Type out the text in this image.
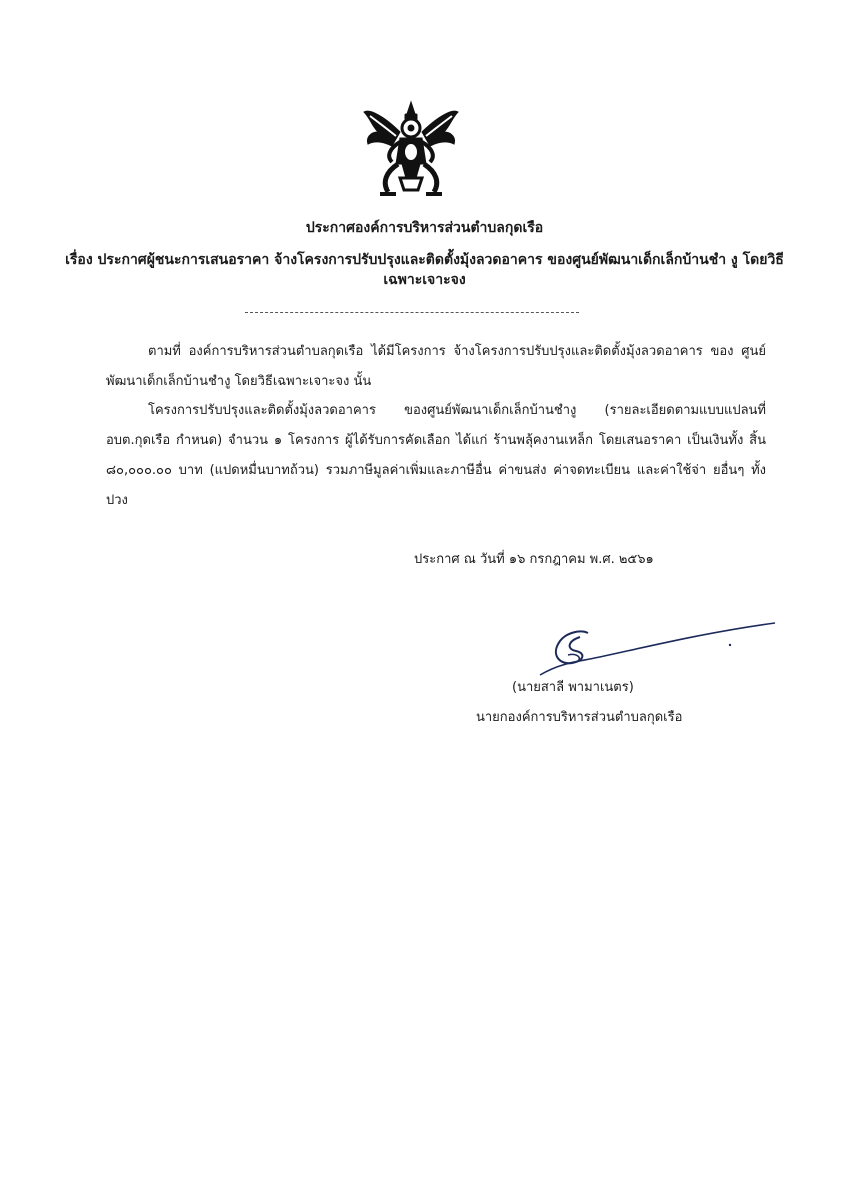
ประกาศองค์การบริหารส่วนตำบลกุดเรือ
เรื่อง ประกาศผู้ชนะการเสนอราคา จ้างโครงการปรับปรุงและติดตั้งมุ้งลวดอาคาร ของศูนย์พัฒนาเด็กเล็กบ้านชำ งู โดยวิธีเฉพาะเจาะจง
ตามที่ องค์การบริหารส่วนตำบลกุดเรือ ได้มีโครงการ จ้างโครงการปรับปรุงและติดตั้งมุ้งลวดอาคาร ของ ศูนย์พัฒนาเด็กเล็กบ้านชำงู โดยวิธีเฉพาะเจาะจง นั้น
โครงการปรับปรุงและติดตั้งมุ้งลวดอาคาร ของศูนย์พัฒนาเด็กเล็กบ้านชำงู (รายละเอียดตามแบบแปลนที่ อบต.กุดเรือ กำหนด) จำนวน ๑ โครงการ ผู้ได้รับการคัดเลือก ได้แก่ ร้านพลุ้คงานเหล็ก โดยเสนอราคา เป็นเงินทั้ง สิ้น ๘๐,๐๐๐.๐๐ บาท (แปดหมื่นบาทถ้วน) รวมภาษีมูลค่าเพิ่มและภาษีอื่น ค่าขนส่ง ค่าจดทะเบียน และค่าใช้จ่า ยอื่นๆ ทั้งปวง
ประกาศ ณ วันที่ ๑๖ กรกฎาคม พ.ศ. ๒๕๖๑
(นายสาลี พามาเนตร)
นายกองค์การบริหารส่วนตำบลกุดเรือ
